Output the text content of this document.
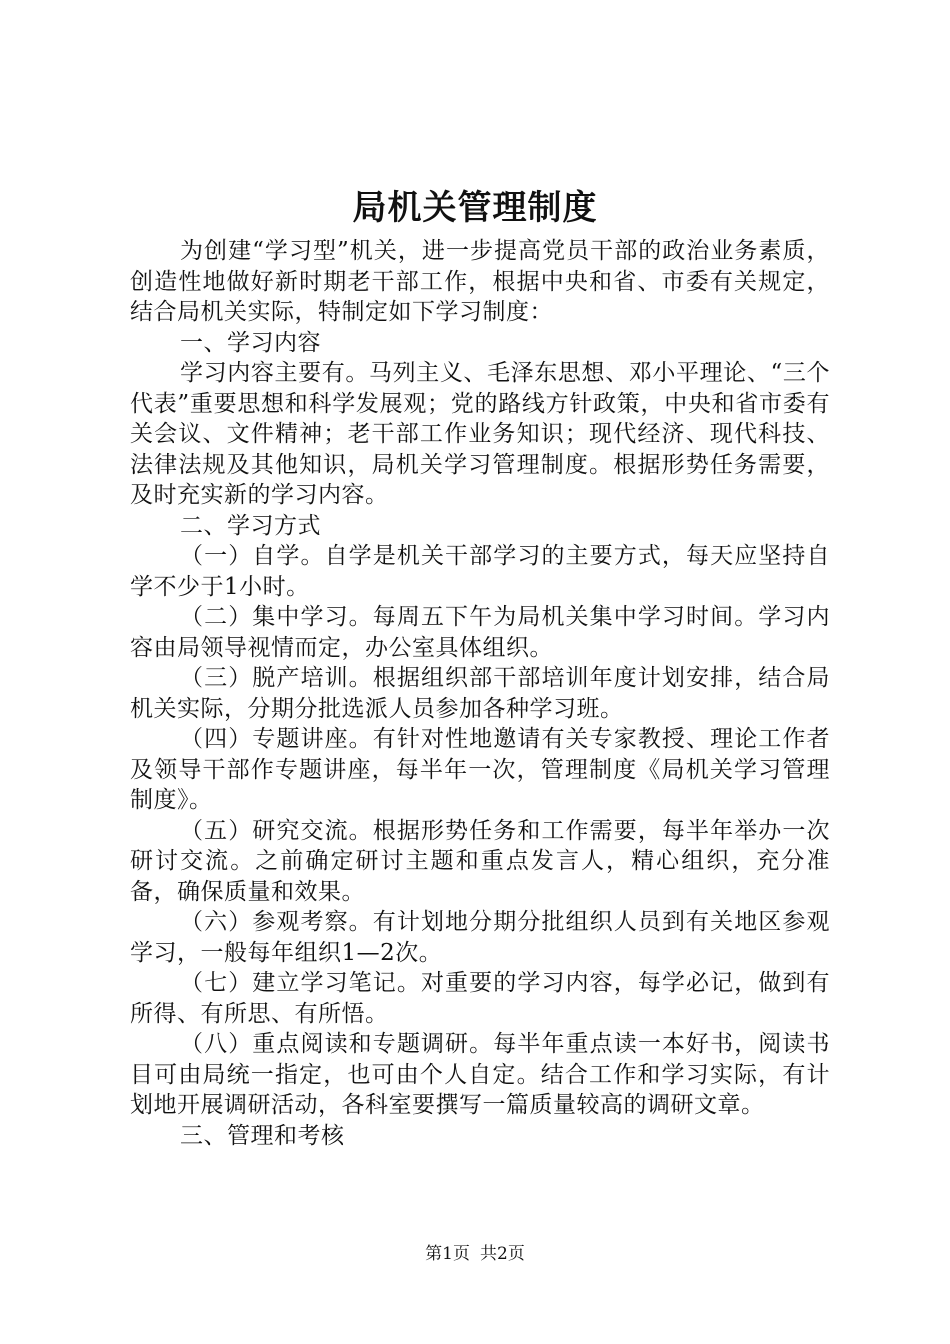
局机关管理制度

为创建“学习型”机关，进一步提高党员干部的政治业务素质，创造性地做好新时期老干部工作，根据中央和省、市委有关规定，结合局机关实际，特制定如下学习制度：

一、学习内容

学习内容主要有。马列主义、毛泽东思想、邓小平理论、“三个代表”重要思想和科学发展观；党的路线方针政策，中央和省市委有关会议、文件精神；老干部工作业务知识；现代经济、现代科技、法律法规及其他知识，局机关学习管理制度。根据形势任务需要，及时充实新的学习内容。

二、学习方式

（一）自学。自学是机关干部学习的主要方式，每天应坚持自学不少于1小时。

（二）集中学习。每周五下午为局机关集中学习时间。学习内容由局领导视情而定，办公室具体组织。

（三）脱产培训。根据组织部干部培训年度计划安排，结合局机关实际，分期分批选派人员参加各种学习班。

（四）专题讲座。有针对性地邀请有关专家教授、理论工作者及领导干部作专题讲座，每半年一次，管理制度《局机关学习管理制度》。

（五）研究交流。根据形势任务和工作需要，每半年举办一次研讨交流。之前确定研讨主题和重点发言人，精心组织，充分准备，确保质量和效果。

（六）参观考察。有计划地分期分批组织人员到有关地区参观学习，一般每年组织1—2次。

（七）建立学习笔记。对重要的学习内容，每学必记，做到有所得、有所思、有所悟。

（八）重点阅读和专题调研。每半年重点读一本好书，阅读书目可由局统一指定，也可由个人自定。结合工作和学习实际，有计划地开展调研活动，各科室要撰写一篇质量较高的调研文章。

三、管理和考核

第1页 共2页
